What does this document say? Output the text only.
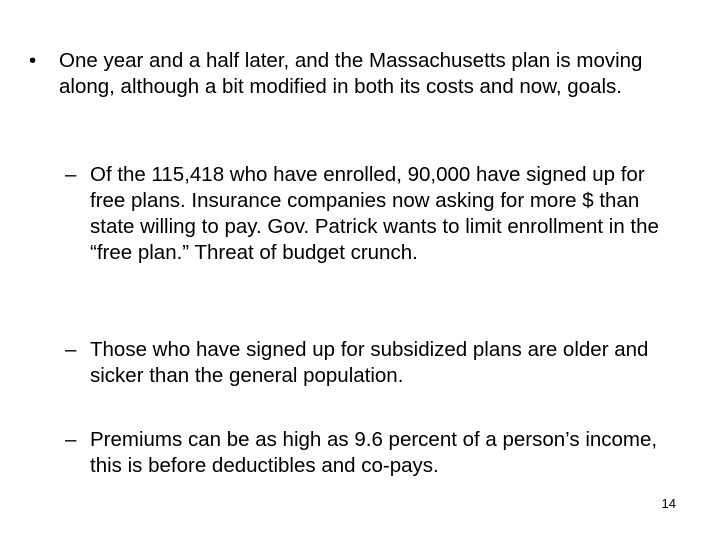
•	One year and a half later, and the Massachusetts plan is moving along, although a bit modified in both its costs and now, goals.
– Of the 115,418 who have enrolled, 90,000 have signed up for free plans. Insurance companies now asking for more $ than state willing to pay. Gov. Patrick wants to limit enrollment in the “free plan.” Threat of budget crunch.
– Those who have signed up for subsidized plans are older and sicker than the general population.
– Premiums can be as high as 9.6 percent of a person’s income, this is before deductibles and co-pays.
14
